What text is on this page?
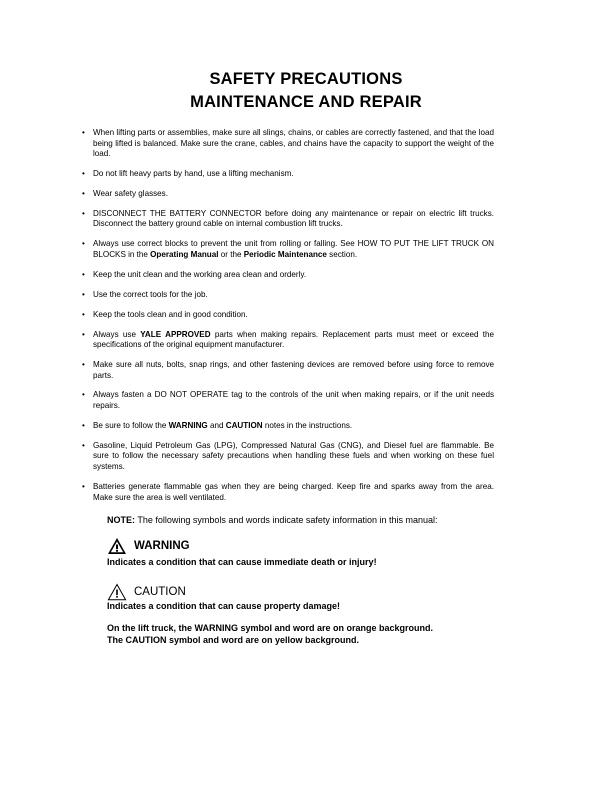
SAFETY PRECAUTIONS
MAINTENANCE AND REPAIR
• When lifting parts or assemblies, make sure all slings, chains, or cables are correctly fastened, and that the load being lifted is balanced. Make sure the crane, cables, and chains have the capacity to support the weight of the load.
• Do not lift heavy parts by hand, use a lifting mechanism.
• Wear safety glasses.
• DISCONNECT THE BATTERY CONNECTOR before doing any maintenance or repair on electric lift trucks. Disconnect the battery ground cable on internal combustion lift trucks.
• Always use correct blocks to prevent the unit from rolling or falling. See HOW TO PUT THE LIFT TRUCK ON BLOCKS in the Operating Manual or the Periodic Maintenance section.
• Keep the unit clean and the working area clean and orderly.
• Use the correct tools for the job.
• Keep the tools clean and in good condition.
• Always use YALE APPROVED parts when making repairs. Replacement parts must meet or exceed the specifications of the original equipment manufacturer.
• Make sure all nuts, bolts, snap rings, and other fastening devices are removed before using force to remove parts.
• Always fasten a DO NOT OPERATE tag to the controls of the unit when making repairs, or if the unit needs repairs.
• Be sure to follow the WARNING and CAUTION notes in the instructions.
• Gasoline, Liquid Petroleum Gas (LPG), Compressed Natural Gas (CNG), and Diesel fuel are flammable. Be sure to follow the necessary safety precautions when handling these fuels and when working on these fuel systems.
• Batteries generate flammable gas when they are being charged. Keep fire and sparks away from the area. Make sure the area is well ventilated.
NOTE: The following symbols and words indicate safety information in this manual:
WARNING
Indicates a condition that can cause immediate death or injury!
CAUTION
Indicates a condition that can cause property damage!
On the lift truck, the WARNING symbol and word are on orange background.
The CAUTION symbol and word are on yellow background.
